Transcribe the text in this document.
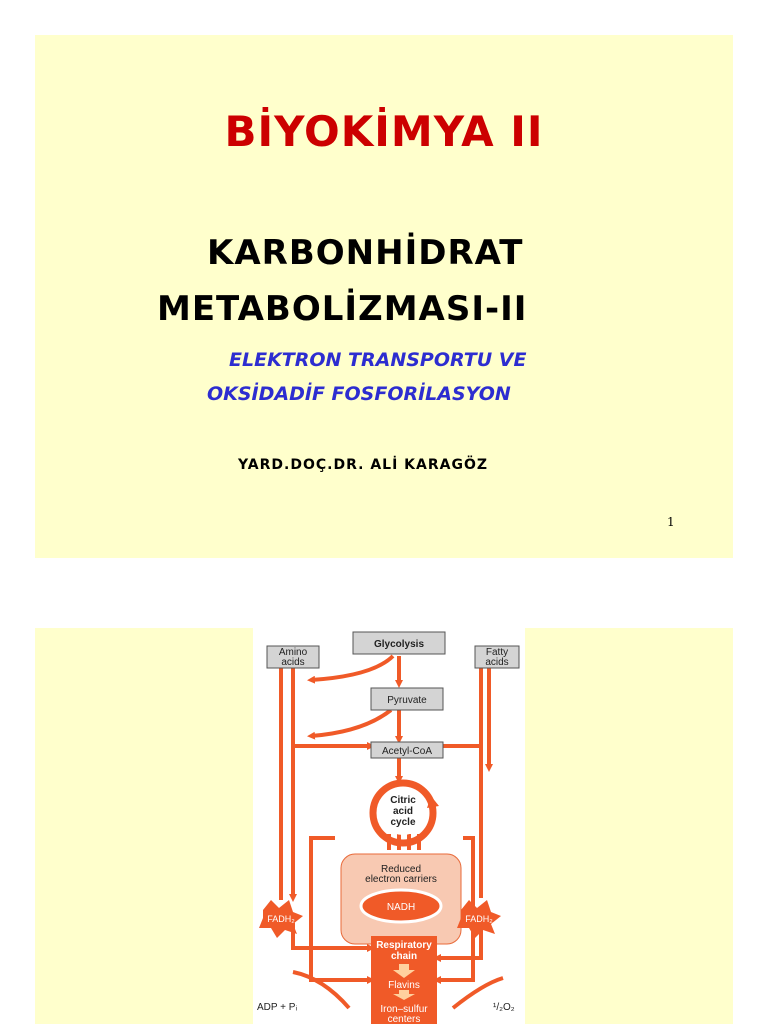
BİYOKİMYA II
KARBONHİDRAT
METABOLİZMASI-II
ELEKTRON TRANSPORTU VE
OKSİDADİF FOSFORİLASYON
YARD.DOÇ.DR. ALİ KARAGÖZ
1
Glycolysis
Amino
acids
Fatty
acids
Pyruvate
Acetyl-CoA
Citric
acid
cycle
Reduced
electron carriers
NADH
FADH₂	FADH₂
Respiratory
chain
Flavins
Iron–sulfur
centers
ADP + Pᵢ	¹/₂O₂
